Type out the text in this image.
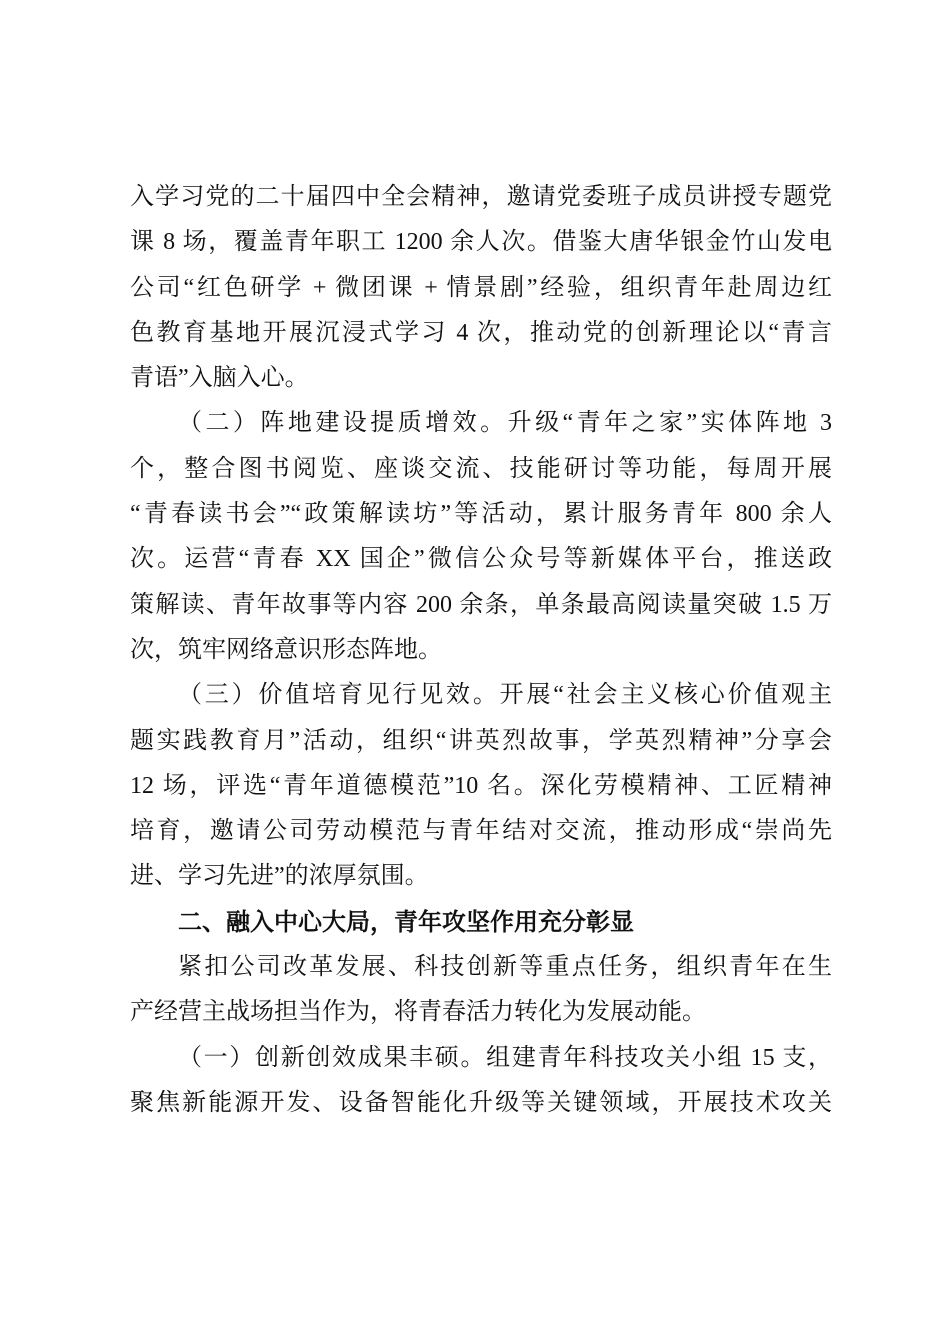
入学习党的二十届四中全会精神，邀请党委班子成员讲授专题党
课 8 场，覆盖青年职工 1200 余人次。借鉴大唐华银金竹山发电
公司“红色研学 + 微团课 + 情景剧”经验，组织青年赴周边红
色教育基地开展沉浸式学习 4 次，推动党的创新理论以“青言
青语”入脑入心。
（二）阵地建设提质增效。升级“青年之家”实体阵地 3
个，整合图书阅览、座谈交流、技能研讨等功能，每周开展
“青春读书会”“政策解读坊”等活动，累计服务青年 800 余人
次。运营“青春 XX 国企”微信公众号等新媒体平台，推送政
策解读、青年故事等内容 200 余条，单条最高阅读量突破 1.5 万
次，筑牢网络意识形态阵地。
（三）价值培育见行见效。开展“社会主义核心价值观主
题实践教育月”活动，组织“讲英烈故事，学英烈精神”分享会
12 场，评选“青年道德模范”10 名。深化劳模精神、工匠精神
培育，邀请公司劳动模范与青年结对交流，推动形成“崇尚先
进、学习先进”的浓厚氛围。
二、融入中心大局，青年攻坚作用充分彰显
紧扣公司改革发展、科技创新等重点任务，组织青年在生
产经营主战场担当作为，将青春活力转化为发展动能。
（一）创新创效成果丰硕。组建青年科技攻关小组 15 支，
聚焦新能源开发、设备智能化升级等关键领域，开展技术攻关
